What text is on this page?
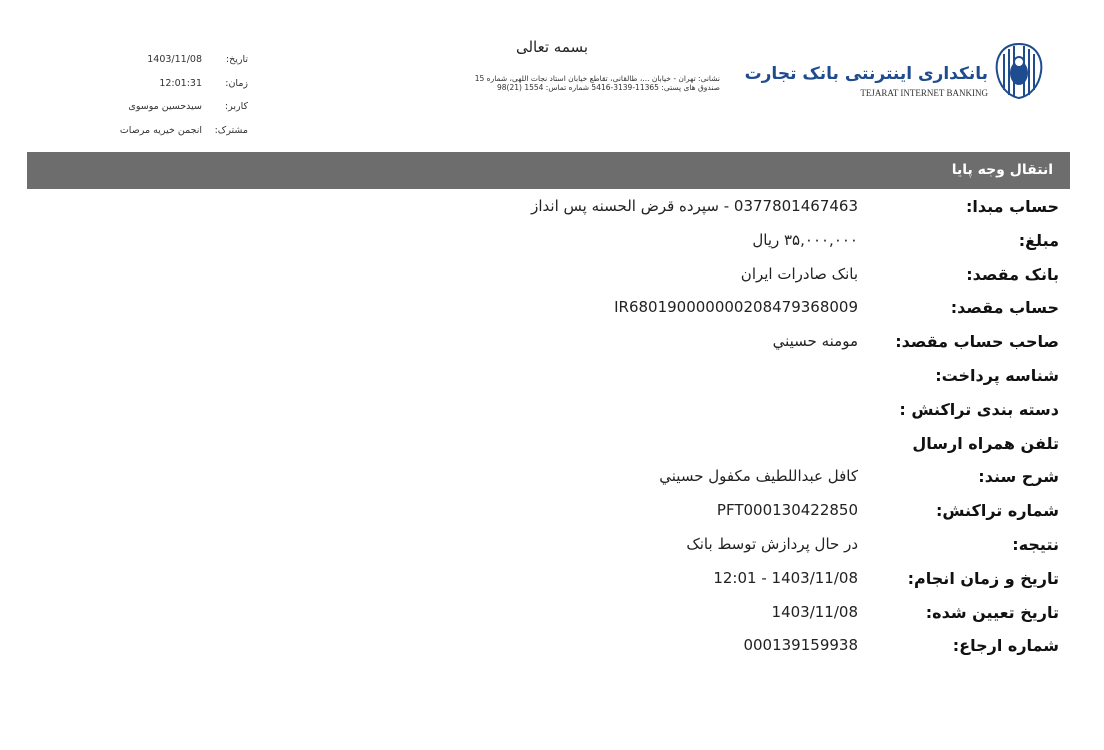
بسمه تعالی
نشانی: تهران - خیابان ...، طالقانی، تقاطع خیابان استاد نجات اللهی، شماره 15
صندوق های پستی: 11365-3139-5416 شماره تماس: 1554 (21)98
تاریخ:
1403/11/08
زمان:
12:01:31
کاربر:
سیدحسین موسوی
مشترک:
انجمن خیریه مرصات
بانکداری اینترنتی بانک تجارت
TEJARAT INTERNET BANKING
انتقال وجه پایا
حساب مبدا:
0377801467463 - سپرده قرض الحسنه پس انداز
مبلغ:
۳۵,۰۰۰,۰۰۰ ریال
بانک مقصد:
بانک صادرات ایران
حساب مقصد:
IR680190000000208479368009
صاحب حساب مقصد:
مومنه حسيني
شناسه پرداخت:
دسته بندی تراکنش :
تلفن همراه ارسال
شرح سند:
کافل عبداللطيف مکفول حسيني
شماره تراکنش:
PFT000130422850
نتیجه:
در حال پردازش توسط بانک
تاریخ و زمان انجام:
1403/11/08 - 12:01
تاریخ تعیین شده:
1403/11/08
شماره ارجاع:
000139159938
